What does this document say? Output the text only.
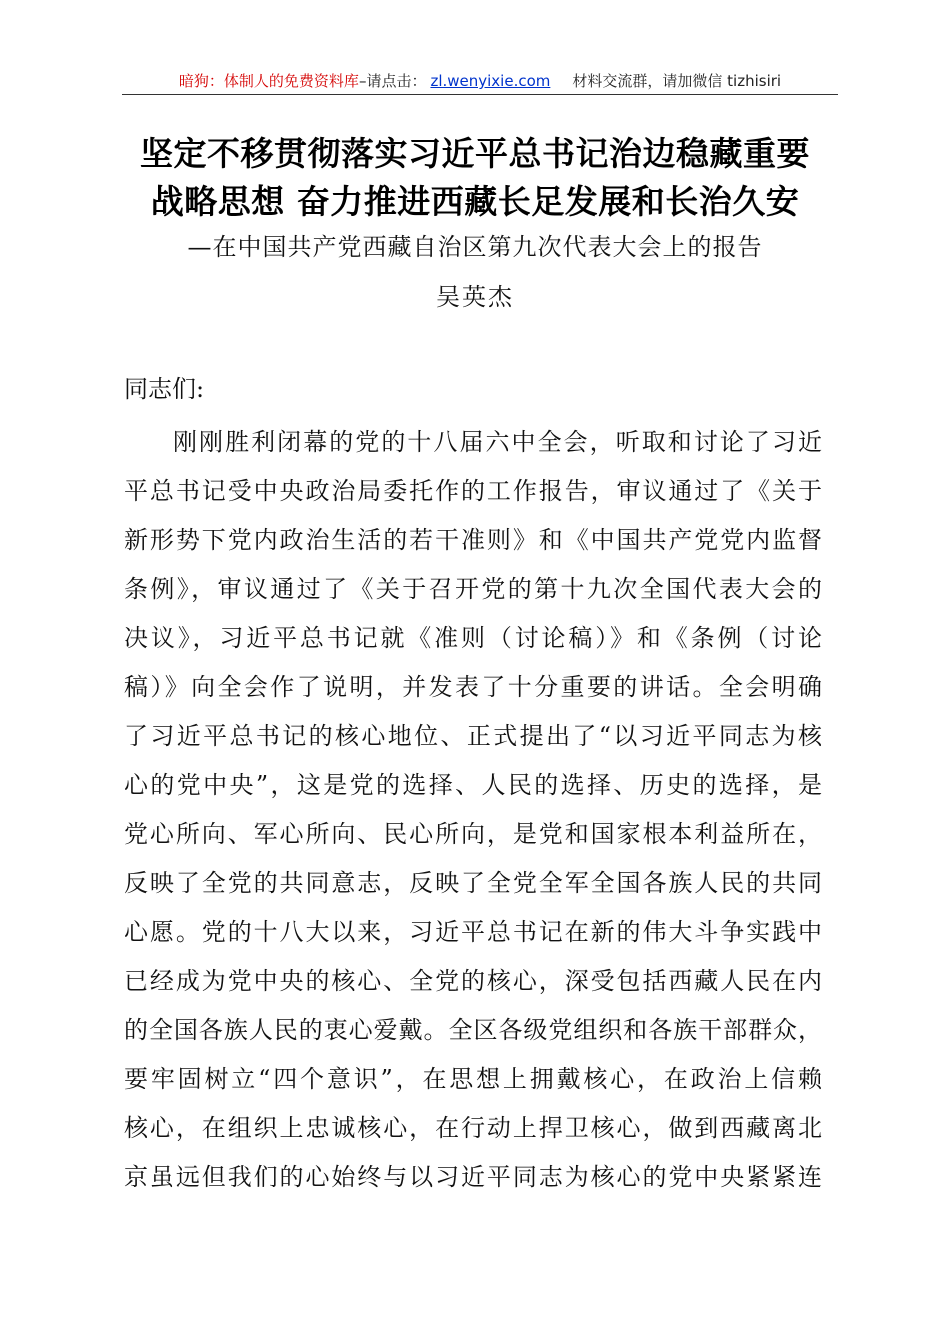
暗狗：体制人的免费资料库 –请点击： zl.wenyixie.com 材料交流群，请加微信 tizhisiri
坚定不移贯彻落实习近平总书记治边稳藏重要
战略思想 奋力推进西藏长足发展和长治久安

—在中国共产党西藏自治区第九次代表大会上的报告

吴英杰

同志们:

刚刚胜利闭幕的党的十八届六中全会，听取和讨论了习近
平总书记受中央政治局委托作的工作报告，审议通过了《关于
新形势下党内政治生活的若干准则》和《中国共产党党内监督
条例》，审议通过了《关于召开党的第十九次全国代表大会的
决议》，习近平总书记就《准则（讨论稿）》和《条例（讨论
稿）》向全会作了说明，并发表了十分重要的讲话。全会明确
了习近平总书记的核心地位、正式提出了“以习近平同志为核
心的党中央”，这是党的选择、人民的选择、历史的选择，是
党心所向、军心所向、民心所向，是党和国家根本利益所在，
反映了全党的共同意志，反映了全党全军全国各族人民的共同
心愿。党的十八大以来，习近平总书记在新的伟大斗争实践中
已经成为党中央的核心、全党的核心，深受包括西藏人民在内
的全国各族人民的衷心爱戴。全区各级党组织和各族干部群众，
要牢固树立“四个意识”，在思想上拥戴核心，在政治上信赖
核心，在组织上忠诚核心，在行动上捍卫核心，做到西藏离北
京虽远但我们的心始终与以习近平同志为核心的党中央紧紧连
